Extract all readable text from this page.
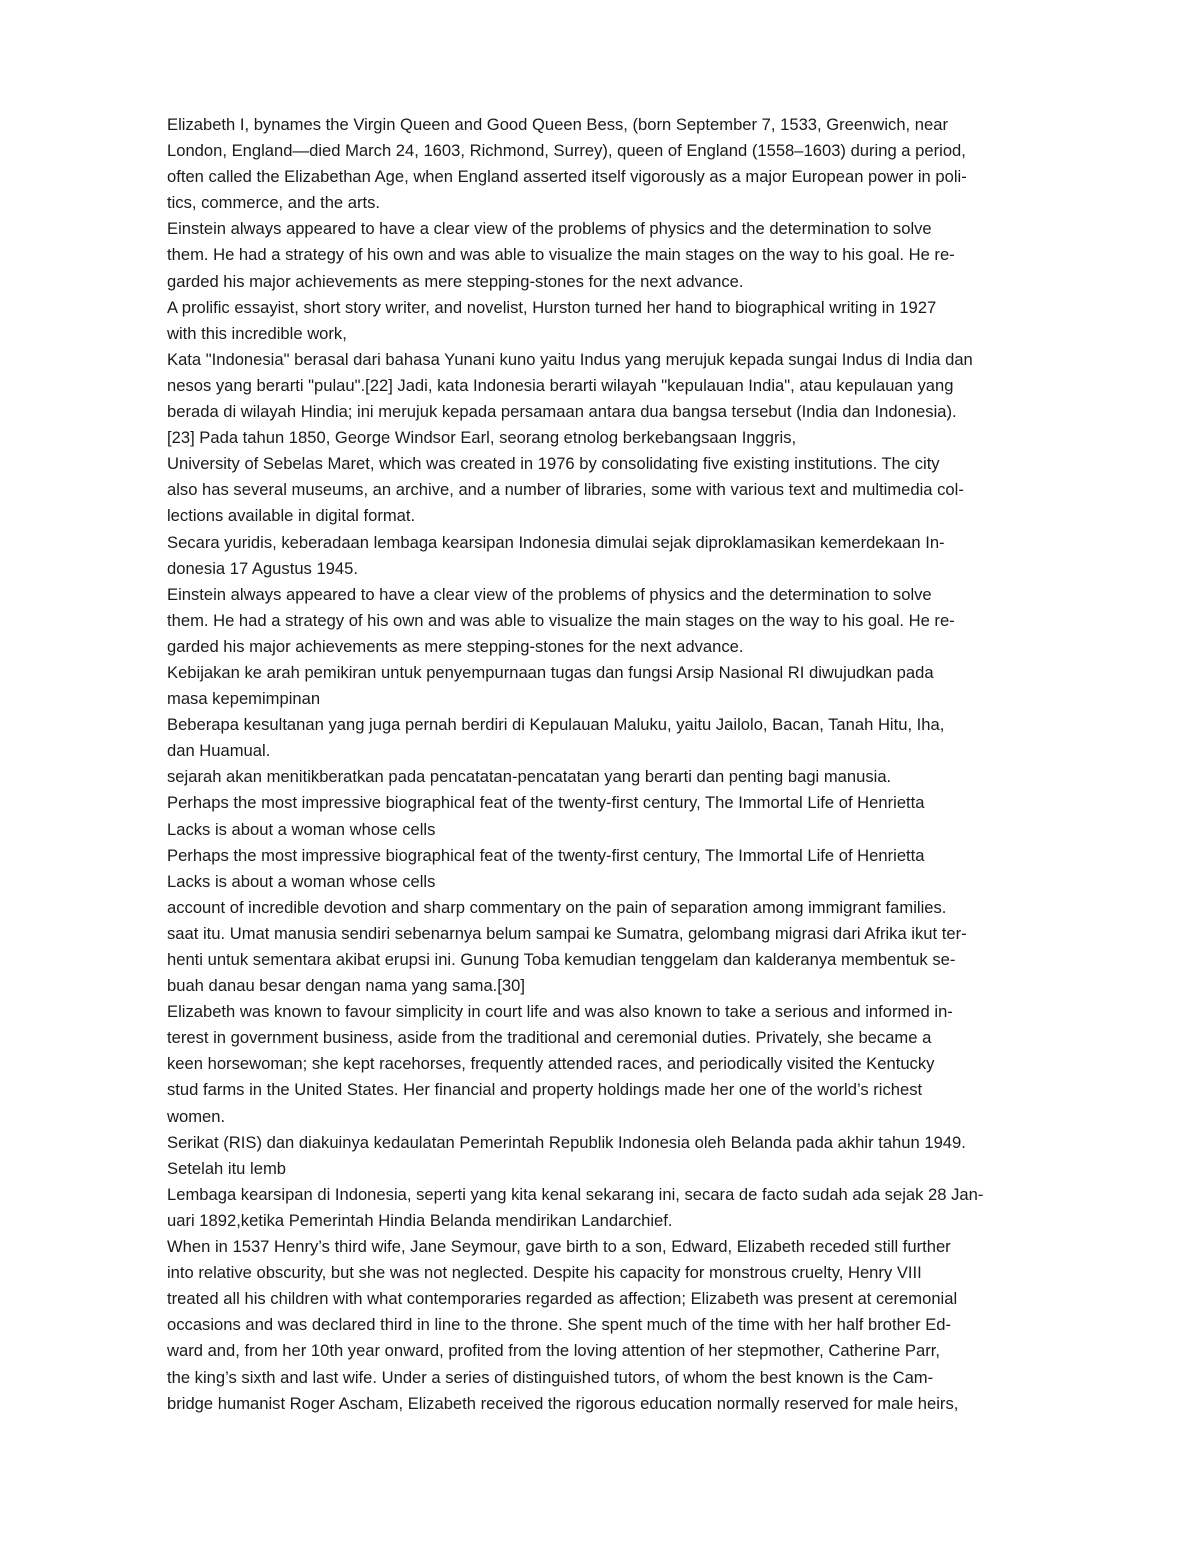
Elizabeth I, bynames the Virgin Queen and Good Queen Bess, (born September 7, 1533, Greenwich, near
London, England—died March 24, 1603, Richmond, Surrey), queen of England (1558–1603) during a period,
often called the Elizabethan Age, when England asserted itself vigorously as a major European power in poli-
tics, commerce, and the arts.
Einstein always appeared to have a clear view of the problems of physics and the determination to solve
them. He had a strategy of his own and was able to visualize the main stages on the way to his goal. He re-
garded his major achievements as mere stepping-stones for the next advance.
A prolific essayist, short story writer, and novelist, Hurston turned her hand to biographical writing in 1927
with this incredible work,
Kata "Indonesia" berasal dari bahasa Yunani kuno yaitu Indus yang merujuk kepada sungai Indus di India dan
nesos yang berarti "pulau".[22] Jadi, kata Indonesia berarti wilayah "kepulauan India", atau kepulauan yang
berada di wilayah Hindia; ini merujuk kepada persamaan antara dua bangsa tersebut (India dan Indonesia).
[23] Pada tahun 1850, George Windsor Earl, seorang etnolog berkebangsaan Inggris,
University of Sebelas Maret, which was created in 1976 by consolidating five existing institutions. The city
also has several museums, an archive, and a number of libraries, some with various text and multimedia col-
lections available in digital format.
Secara yuridis, keberadaan lembaga kearsipan Indonesia dimulai sejak diproklamasikan kemerdekaan In-
donesia 17 Agustus 1945.
Einstein always appeared to have a clear view of the problems of physics and the determination to solve
them. He had a strategy of his own and was able to visualize the main stages on the way to his goal. He re-
garded his major achievements as mere stepping-stones for the next advance.
Kebijakan ke arah pemikiran untuk penyempurnaan tugas dan fungsi Arsip Nasional RI diwujudkan pada
masa kepemimpinan
Beberapa kesultanan yang juga pernah berdiri di Kepulauan Maluku, yaitu Jailolo, Bacan, Tanah Hitu, Iha,
dan Huamual.
sejarah akan menitikberatkan pada pencatatan-pencatatan yang berarti dan penting bagi manusia.
Perhaps the most impressive biographical feat of the twenty-first century, The Immortal Life of Henrietta
Lacks is about a woman whose cells
Perhaps the most impressive biographical feat of the twenty-first century, The Immortal Life of Henrietta
Lacks is about a woman whose cells
account of incredible devotion and sharp commentary on the pain of separation among immigrant families.
saat itu. Umat manusia sendiri sebenarnya belum sampai ke Sumatra, gelombang migrasi dari Afrika ikut ter-
henti untuk sementara akibat erupsi ini. Gunung Toba kemudian tenggelam dan kalderanya membentuk se-
buah danau besar dengan nama yang sama.[30]
Elizabeth was known to favour simplicity in court life and was also known to take a serious and informed in-
terest in government business, aside from the traditional and ceremonial duties. Privately, she became a
keen horsewoman; she kept racehorses, frequently attended races, and periodically visited the Kentucky
stud farms in the United States. Her financial and property holdings made her one of the world’s richest
women.
Serikat (RIS) dan diakuinya kedaulatan Pemerintah Republik Indonesia oleh Belanda pada akhir tahun 1949.
Setelah itu lemb
Lembaga kearsipan di Indonesia, seperti yang kita kenal sekarang ini, secara de facto sudah ada sejak 28 Jan-
uari 1892,ketika Pemerintah Hindia Belanda mendirikan Landarchief.
When in 1537 Henry’s third wife, Jane Seymour, gave birth to a son, Edward, Elizabeth receded still further
into relative obscurity, but she was not neglected. Despite his capacity for monstrous cruelty, Henry VIII
treated all his children with what contemporaries regarded as affection; Elizabeth was present at ceremonial
occasions and was declared third in line to the throne. She spent much of the time with her half brother Ed-
ward and, from her 10th year onward, profited from the loving attention of her stepmother, Catherine Parr,
the king’s sixth and last wife. Under a series of distinguished tutors, of whom the best known is the Cam-
bridge humanist Roger Ascham, Elizabeth received the rigorous education normally reserved for male heirs,
